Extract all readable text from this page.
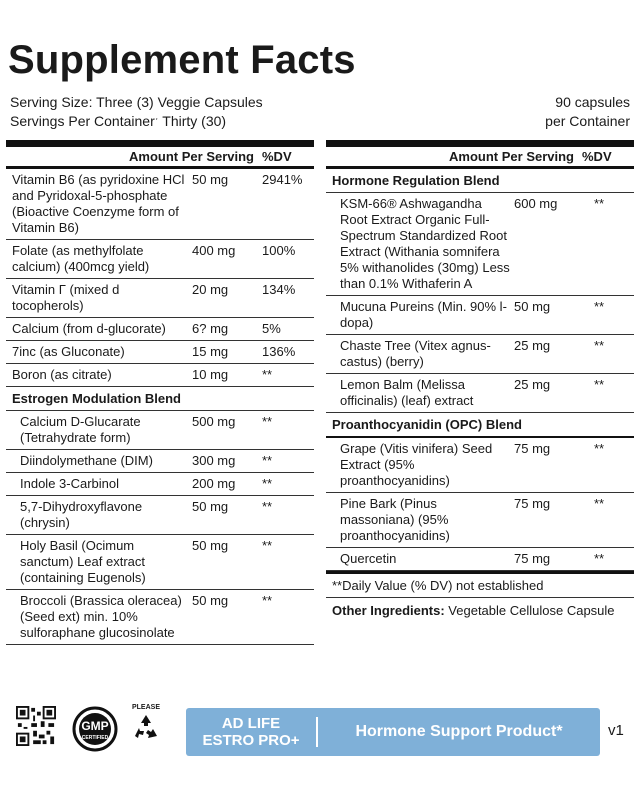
Supplement Facts
Serving Size: Three (3) Veggie Capsules
Servings Per Containerˑ Thirty (30)
90 capsules
per Container
Amount Per Serving %DV
Vitamin B6 (as pyridoxine HCl and Pyridoxal-5-phosphate (Bioactive Coenzyme form of Vitamin B6)
50 mg	2941%
Folate (as methylfolate calcium) (400mcg yield)
400 mg	100%
Vitamin Γ (mixed d tocopherols)
20 mg	134%
Calcium (from d-glucorate)	6? mg	5%
7inc (as Gluconate)	15 mg	136%
Boron (as citrate)	10 mg	**
Estrogen Modulation Blend
Calcium D-Glucarate (Tetrahydrate form)
500 mg	**
Diindolymethane (DIM)	300 mg	**
Indole 3-Carbinol	200 mg	**
5,7-Dihydroxyflavone (chrysin)
50 mg	**
Holy Basil (Ocimum sanctum) Leaf extract (containing Eugenols)
50 mg	**
Broccoli (Brassica oleracea) (Seed ext) min. 10% sulforaphane glucosinolate
50 mg	**
Amount Per Serving %DV
Hormone Regulation Blend
KSM-66® Ashwagandha Root Extract Organic Full-Spectrum Standardized Root Extract (Withania somnifera 5% withanolides (30mg) Less than 0.1% Withaferin A
600 mg	**
Mucuna Pureins (Min. 90% l-dopa)
50 mg	**
Chaste Tree (Vitex agnus-castus) (berry)
25 mg	**
Lemon Balm (Melissa officinalis) (leaf) extract
25 mg	**
Proanthocyanidin (OPC) Blend
Grape (Vitis vinifera) Seed Extract (95% proanthocyanidins)
75 mg	**
Pine Bark (Pinus massoniana) (95% proanthocyanidins)
75 mg	**
Quercetin	75 mg	**
**Daily Value (% DV) not established
Other Ingredients: Vegetable Cellulose Capsule
GMP
CERTIFIED
PLEASE
AD LIFE
ESTRO PRO+
Hormone Support Product*	v1
